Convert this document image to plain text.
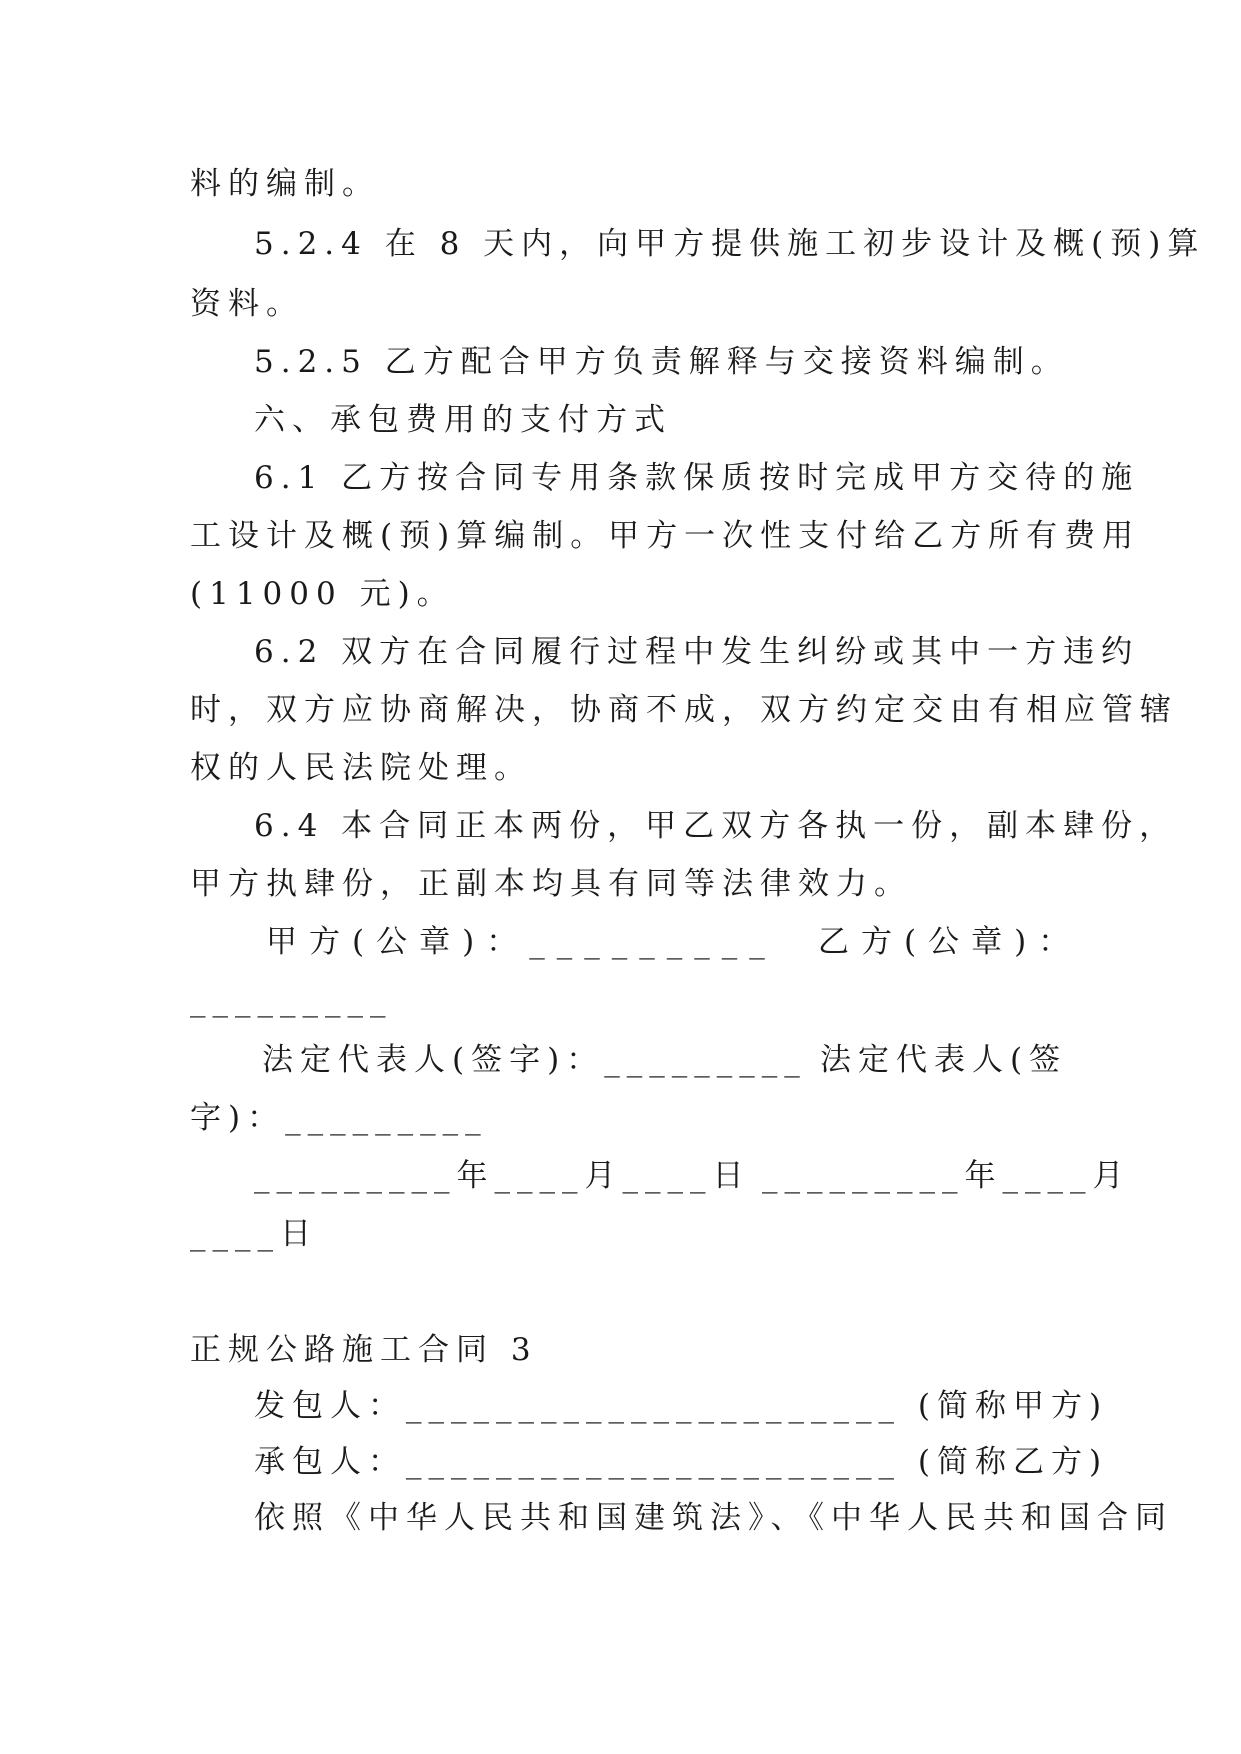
料的编制。
5.2.4 在 8 天内，向甲方提供施工初步设计及概(预)算
资料。
5.2.5 乙方配合甲方负责解释与交接资料编制。
六、承包费用的支付方式
6.1 乙方按合同专用条款保质按时完成甲方交待的施
工设计及概(预)算编制。甲方一次性支付给乙方所有费用
(11000 元)。
6.2 双方在合同履行过程中发生纠纷或其中一方违约
时，双方应协商解决，协商不成，双方约定交由有相应管辖
权的人民法院处理。
6.4 本合同正本两份，甲乙双方各执一份，副本肆份，
甲方执肆份，正副本均具有同等法律效力。
甲方(公章)：_________ 乙方(公章)：
_________
法定代表人(签字)：_________ 法定代表人(签
字)：_________
_________年____月____日 _________年____月
____日
正规公路施工合同 3
发包人：______________________ (简称甲方)
承包人：______________________ (简称乙方)
依照《中华人民共和国建筑法》、《中华人民共和国合同
